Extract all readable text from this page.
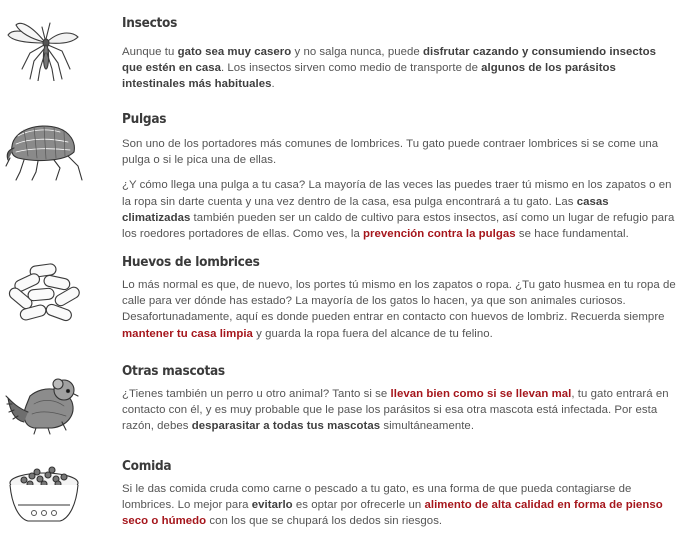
Insectos

Aunque tu gato sea muy casero y no salga nunca, puede disfrutar cazando y consumiendo insectos que estén en casa. Los insectos sirven como medio de transporte de algunos de los parásitos intestinales más habituales.

Pulgas

Son uno de los portadores más comunes de lombrices. Tu gato puede contraer lombrices si se come una pulga o si le pica una de ellas.

¿Y cómo llega una pulga a tu casa? La mayoría de las veces las puedes traer tú mismo en los zapatos o en la ropa sin darte cuenta y una vez dentro de la casa, esa pulga encontrará a tu gato. Las casas climatizadas también pueden ser un caldo de cultivo para estos insectos, así como un lugar de refugio para los roedores portadores de ellas. Como ves, la prevención contra la pulgas se hace fundamental.

Huevos de lombrices

Lo más normal es que, de nuevo, los portes tú mismo en los zapatos o ropa. ¿Tu gato husmea en tu ropa de calle para ver dónde has estado? La mayoría de los gatos lo hacen, ya que son animales curiosos. Desafortunadamente, aquí es donde pueden entrar en contacto con huevos de lombriz. Recuerda siempre mantener tu casa limpia y guarda la ropa fuera del alcance de tu felino.

Otras mascotas

¿Tienes también un perro u otro animal? Tanto si se llevan bien como si se llevan mal, tu gato entrará en contacto con él, y es muy probable que le pase los parásitos si esa otra mascota está infectada. Por esta razón, debes desparasitar a todas tus mascotas simultáneamente.

Comida

Si le das comida cruda como carne o pescado a tu gato, es una forma de que pueda contagiarse de lombrices. Lo mejor para evitarlo es optar por ofrecerle un alimento de alta calidad en forma de pienso seco o húmedo con los que se chupará los dedos sin riesgos.
